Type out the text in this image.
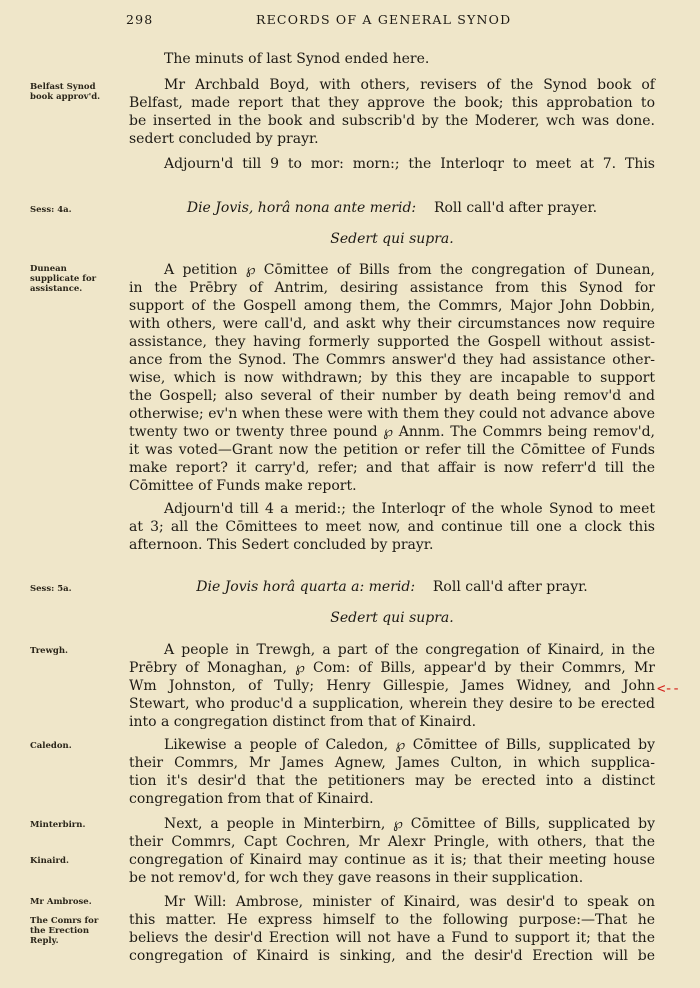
298	RECORDS OF A GENERAL SYNOD
Belfast Synod book approv'd.
Sess: 4a.
Dunean supplicate for assistance.
Sess: 5a.
Trewgh.
Caledon.
Minterbirn.
Kinaird.
Mr Ambrose.
The Comrs for the Erection Reply.
The minuts of last Synod ended here.
Mr Archbald Boyd, with others, revisers of the Synod book of
Belfast, made report that they approve the book; this approbation to
be inserted in the book and subscrib'd by the Moderer, wch was done.
sedert concluded by prayr.
Adjourn'd till 9 to mor: morn:; the Interloqr to meet at 7. This
Die Jovis, horâ nona ante merid: Roll call'd after prayer.
Sedert qui supra.
A petition ℘ Cōmittee of Bills from the congregation of Dunean,
in the Prēbry of Antrim, desiring assistance from this Synod for
support of the Gospell among them, the Commrs, Major John Dobbin,
with others, were call'd, and askt why their circumstances now require
assistance, they having formerly supported the Gospell without assist-
ance from the Synod. The Commrs answer'd they had assistance other-
wise, which is now withdrawn; by this they are incapable to support
the Gospell; also several of their number by death being remov'd and
otherwise; ev'n when these were with them they could not advance above
twenty two or twenty three pound ℘ Annm. The Commrs being remov'd,
it was voted—Grant now the petition or refer till the Cōmittee of Funds
make report? it carry'd, refer; and that affair is now referr'd till the
Cōmittee of Funds make report.
Adjourn'd till 4 a merid:; the Interloqr of the whole Synod to meet
at 3; all the Cōmittees to meet now, and continue till one a clock this
afternoon. This Sedert concluded by prayr.
Die Jovis horâ quarta a: merid: Roll call'd after prayr.
Sedert qui supra.
A people in Trewgh, a part of the congregation of Kinaird, in the
Prēbry of Monaghan, ℘ Com: of Bills, appear'd by their Commrs, Mr
Wm Johnston, of Tully; Henry Gillespie, James Widney, and John
Stewart, who produc'd a supplication, wherein they desire to be erected
into a congregation distinct from that of Kinaird.
Likewise a people of Caledon, ℘ Cōmittee of Bills, supplicated by
their Commrs, Mr James Agnew, James Culton, in which supplica-
tion it's desir'd that the petitioners may be erected into a distinct
congregation from that of Kinaird.
Next, a people in Minterbirn, ℘ Cōmittee of Bills, supplicated by
their Commrs, Capt Cochren, Mr Alexr Pringle, with others, that the
congregation of Kinaird may continue as it is; that their meeting house
be not remov'd, for wch they gave reasons in their supplication.
Mr Will: Ambrose, minister of Kinaird, was desir'd to speak on
this matter. He express himself to the following purpose:—That he
believs the desir'd Erection will not have a Fund to support it; that the
congregation of Kinaird is sinking, and the desir'd Erection will be
<--
